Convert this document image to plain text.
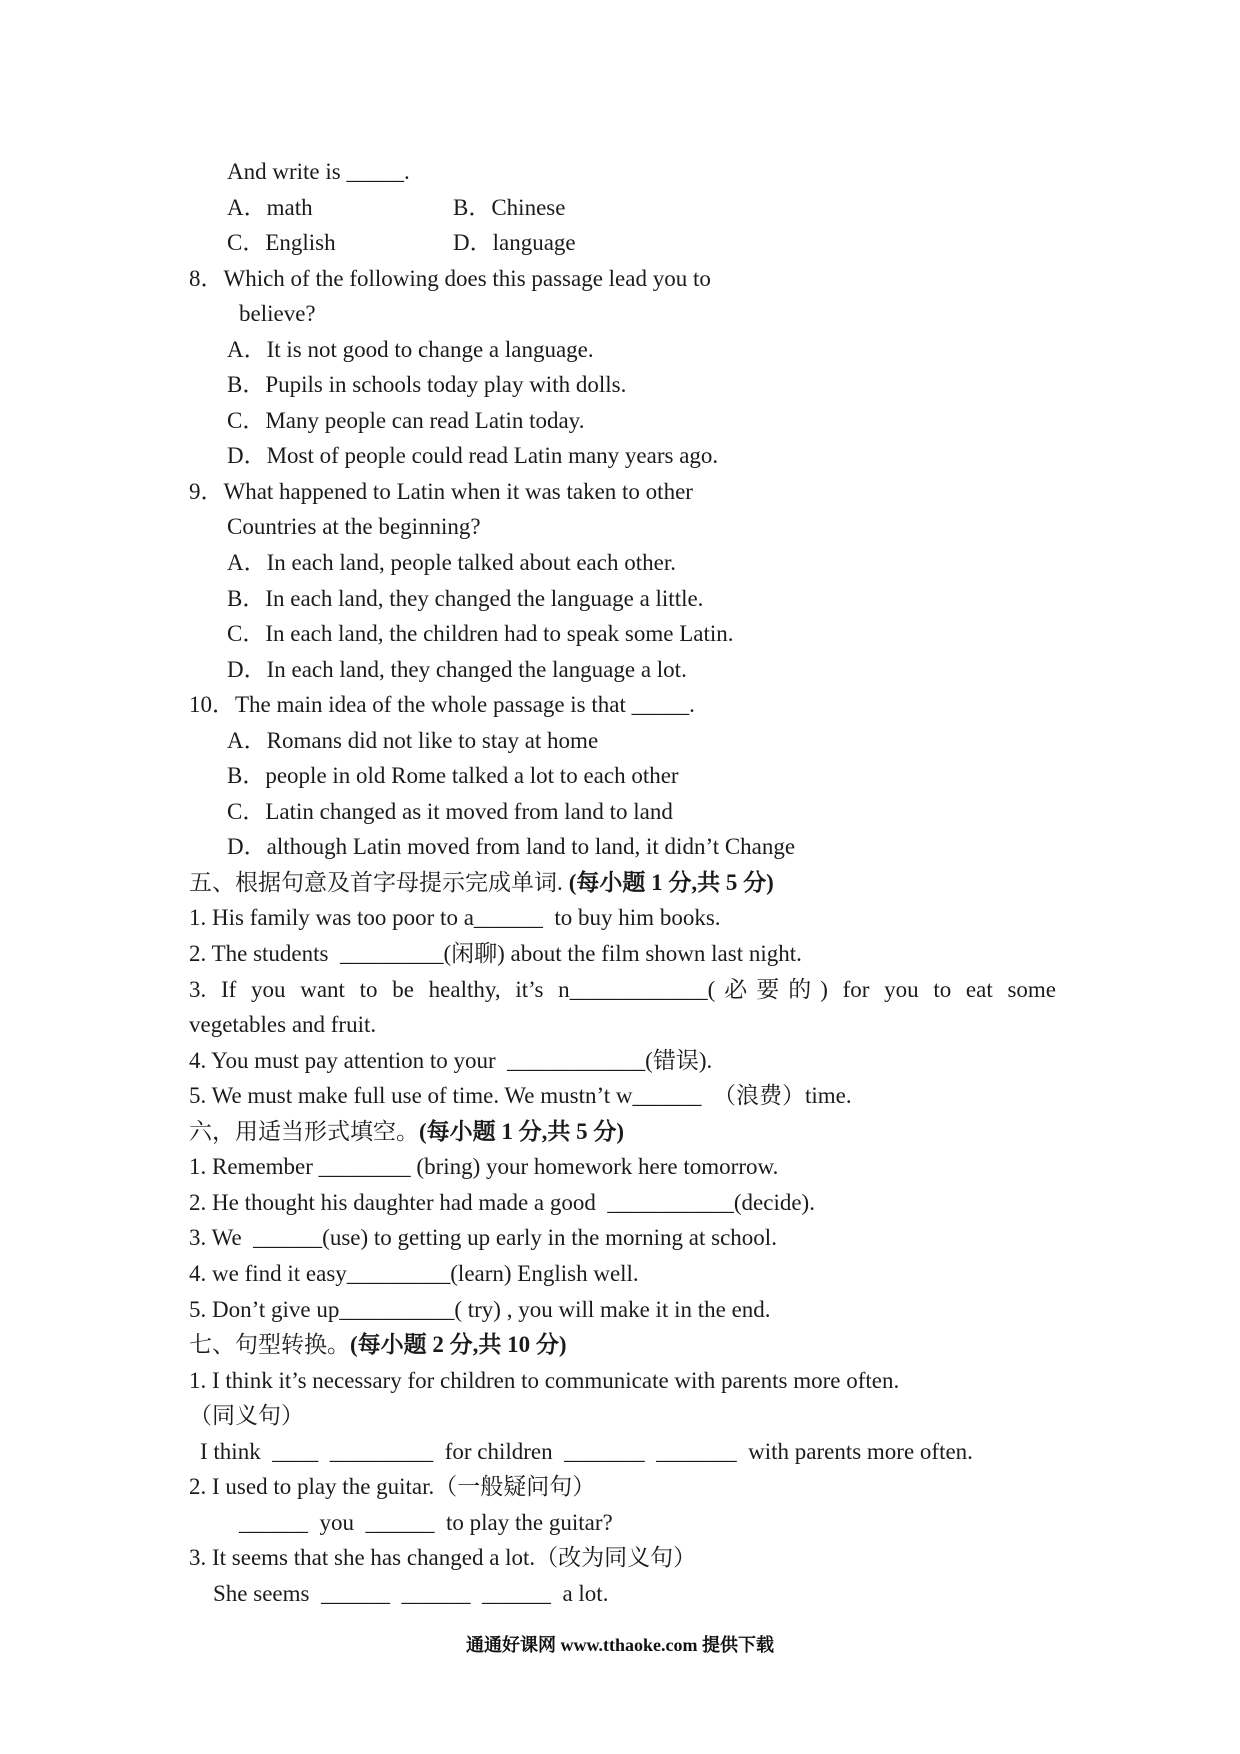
And write is _____.
A．math	B．Chinese
C．English	D．language
8．Which of the following does this passage lead you to
believe?
A．It is not good to change a language.
B．Pupils in schools today play with dolls.
C．Many people can read Latin today.
D．Most of people could read Latin many years ago.
9．What happened to Latin when it was taken to other
Countries at the beginning?
A．In each land, people talked about each other.
B．In each land, they changed the language a little.
C．In each land, the children had to speak some Latin.
D．In each land, they changed the language a lot.
10．The main idea of the whole passage is that _____.
A．Romans did not like to stay at home
B．people in old Rome talked a lot to each other
C．Latin changed as it moved from land to land
D．although Latin moved from land to land, it didn’t Change
五、根据句意及首字母提示完成单词. (每小题 1 分,共 5 分)
1. His family was too poor to a______  to buy him books.
2. The students  _________(闲聊) about the film shown last night.
3. If you want to be healthy, it’s n____________(必要的) for you to eat some
vegetables and fruit.
4. You must pay attention to your  ____________(错误).
5. We must make full use of time. We mustn’t w______  （浪费）time.
六，用适当形式填空。(每小题 1 分,共 5 分)
1. Remember ________ (bring) your homework here tomorrow.
2. He thought his daughter had made a good  ___________(decide).
3. We  ______(use) to getting up early in the morning at school.
4. we find it easy_________(learn) English well.
5. Don’t give up__________( try) , you will make it in the end.
七、句型转换。(每小题 2 分,共 10 分)
1. I think it’s necessary for children to communicate with parents more often.
（同义句）
I think  ____  _________  for children  _______  _______  with parents more often.
2. I used to play the guitar.（一般疑问句）
______  you  ______  to play the guitar?
3. It seems that she has changed a lot.（改为同义句）
She seems  ______  ______  ______  a lot.
通通好课网 www.tthaoke.com 提供下载
